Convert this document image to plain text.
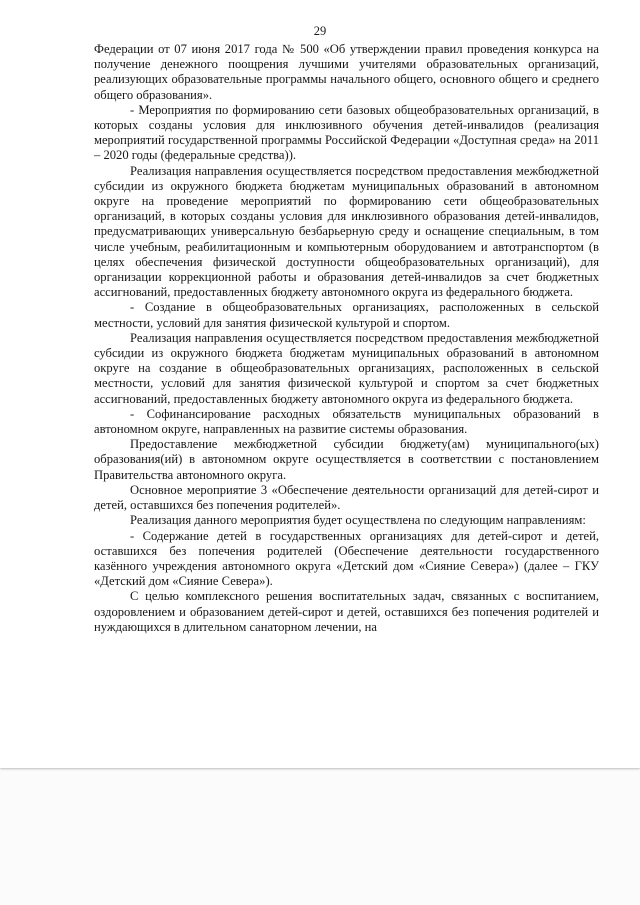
29

Федерации от 07 июня 2017 года № 500 «Об утверждении правил проведения конкурса на получение денежного поощрения лучшими учителями образовательных организаций, реализующих образовательные программы начального общего, основного общего и среднего общего образования».

- Мероприятия по формированию сети базовых общеобразовательных организаций, в которых созданы условия для инклюзивного обучения детей-инвалидов (реализация мероприятий государственной программы Российской Федерации «Доступная среда» на 2011 – 2020 годы (федеральные средства)).

Реализация направления осуществляется посредством предоставления межбюджетной субсидии из окружного бюджета бюджетам муниципальных образований в автономном округе на проведение мероприятий по формированию сети общеобразовательных организаций, в которых созданы условия для инклюзивного образования детей-инвалидов, предусматривающих универсальную безбарьерную среду и оснащение специальным, в том числе учебным, реабилитационным и компьютерным оборудованием и автотранспортом (в целях обеспечения физической доступности общеобразовательных организаций), для организации коррекционной работы и образования детей-инвалидов за счет бюджетных ассигнований, предоставленных бюджету автономного округа из федерального бюджета.

- Создание в общеобразовательных организациях, расположенных в сельской местности, условий для занятия физической культурой и спортом.

Реализация направления осуществляется посредством предоставления межбюджетной субсидии из окружного бюджета бюджетам муниципальных образований в автономном округе на создание в общеобразовательных организациях, расположенных в сельской местности, условий для занятия физической культурой и спортом за счет бюджетных ассигнований, предоставленных бюджету автономного округа из федерального бюджета.

- Софинансирование расходных обязательств муниципальных образований в автономном округе, направленных на развитие системы образования.

Предоставление межбюджетной субсидии бюджету(ам) муниципального(ых) образования(ий) в автономном округе осуществляется в соответствии с постановлением Правительства автономного округа.

Основное мероприятие 3 «Обеспечение деятельности организаций для детей-сирот и детей, оставшихся без попечения родителей».

Реализация данного мероприятия будет осуществлена по следующим направлениям:

- Содержание детей в государственных организациях для детей-сирот и детей, оставшихся без попечения родителей (Обеспечение деятельности государственного казённого учреждения автономного округа «Детский дом «Сияние Севера») (далее – ГКУ «Детский дом «Сияние Севера»).

С целью комплексного решения воспитательных задач, связанных с воспитанием, оздоровлением и образованием детей-сирот и детей, оставшихся без попечения родителей и нуждающихся в длительном санаторном лечении, на
